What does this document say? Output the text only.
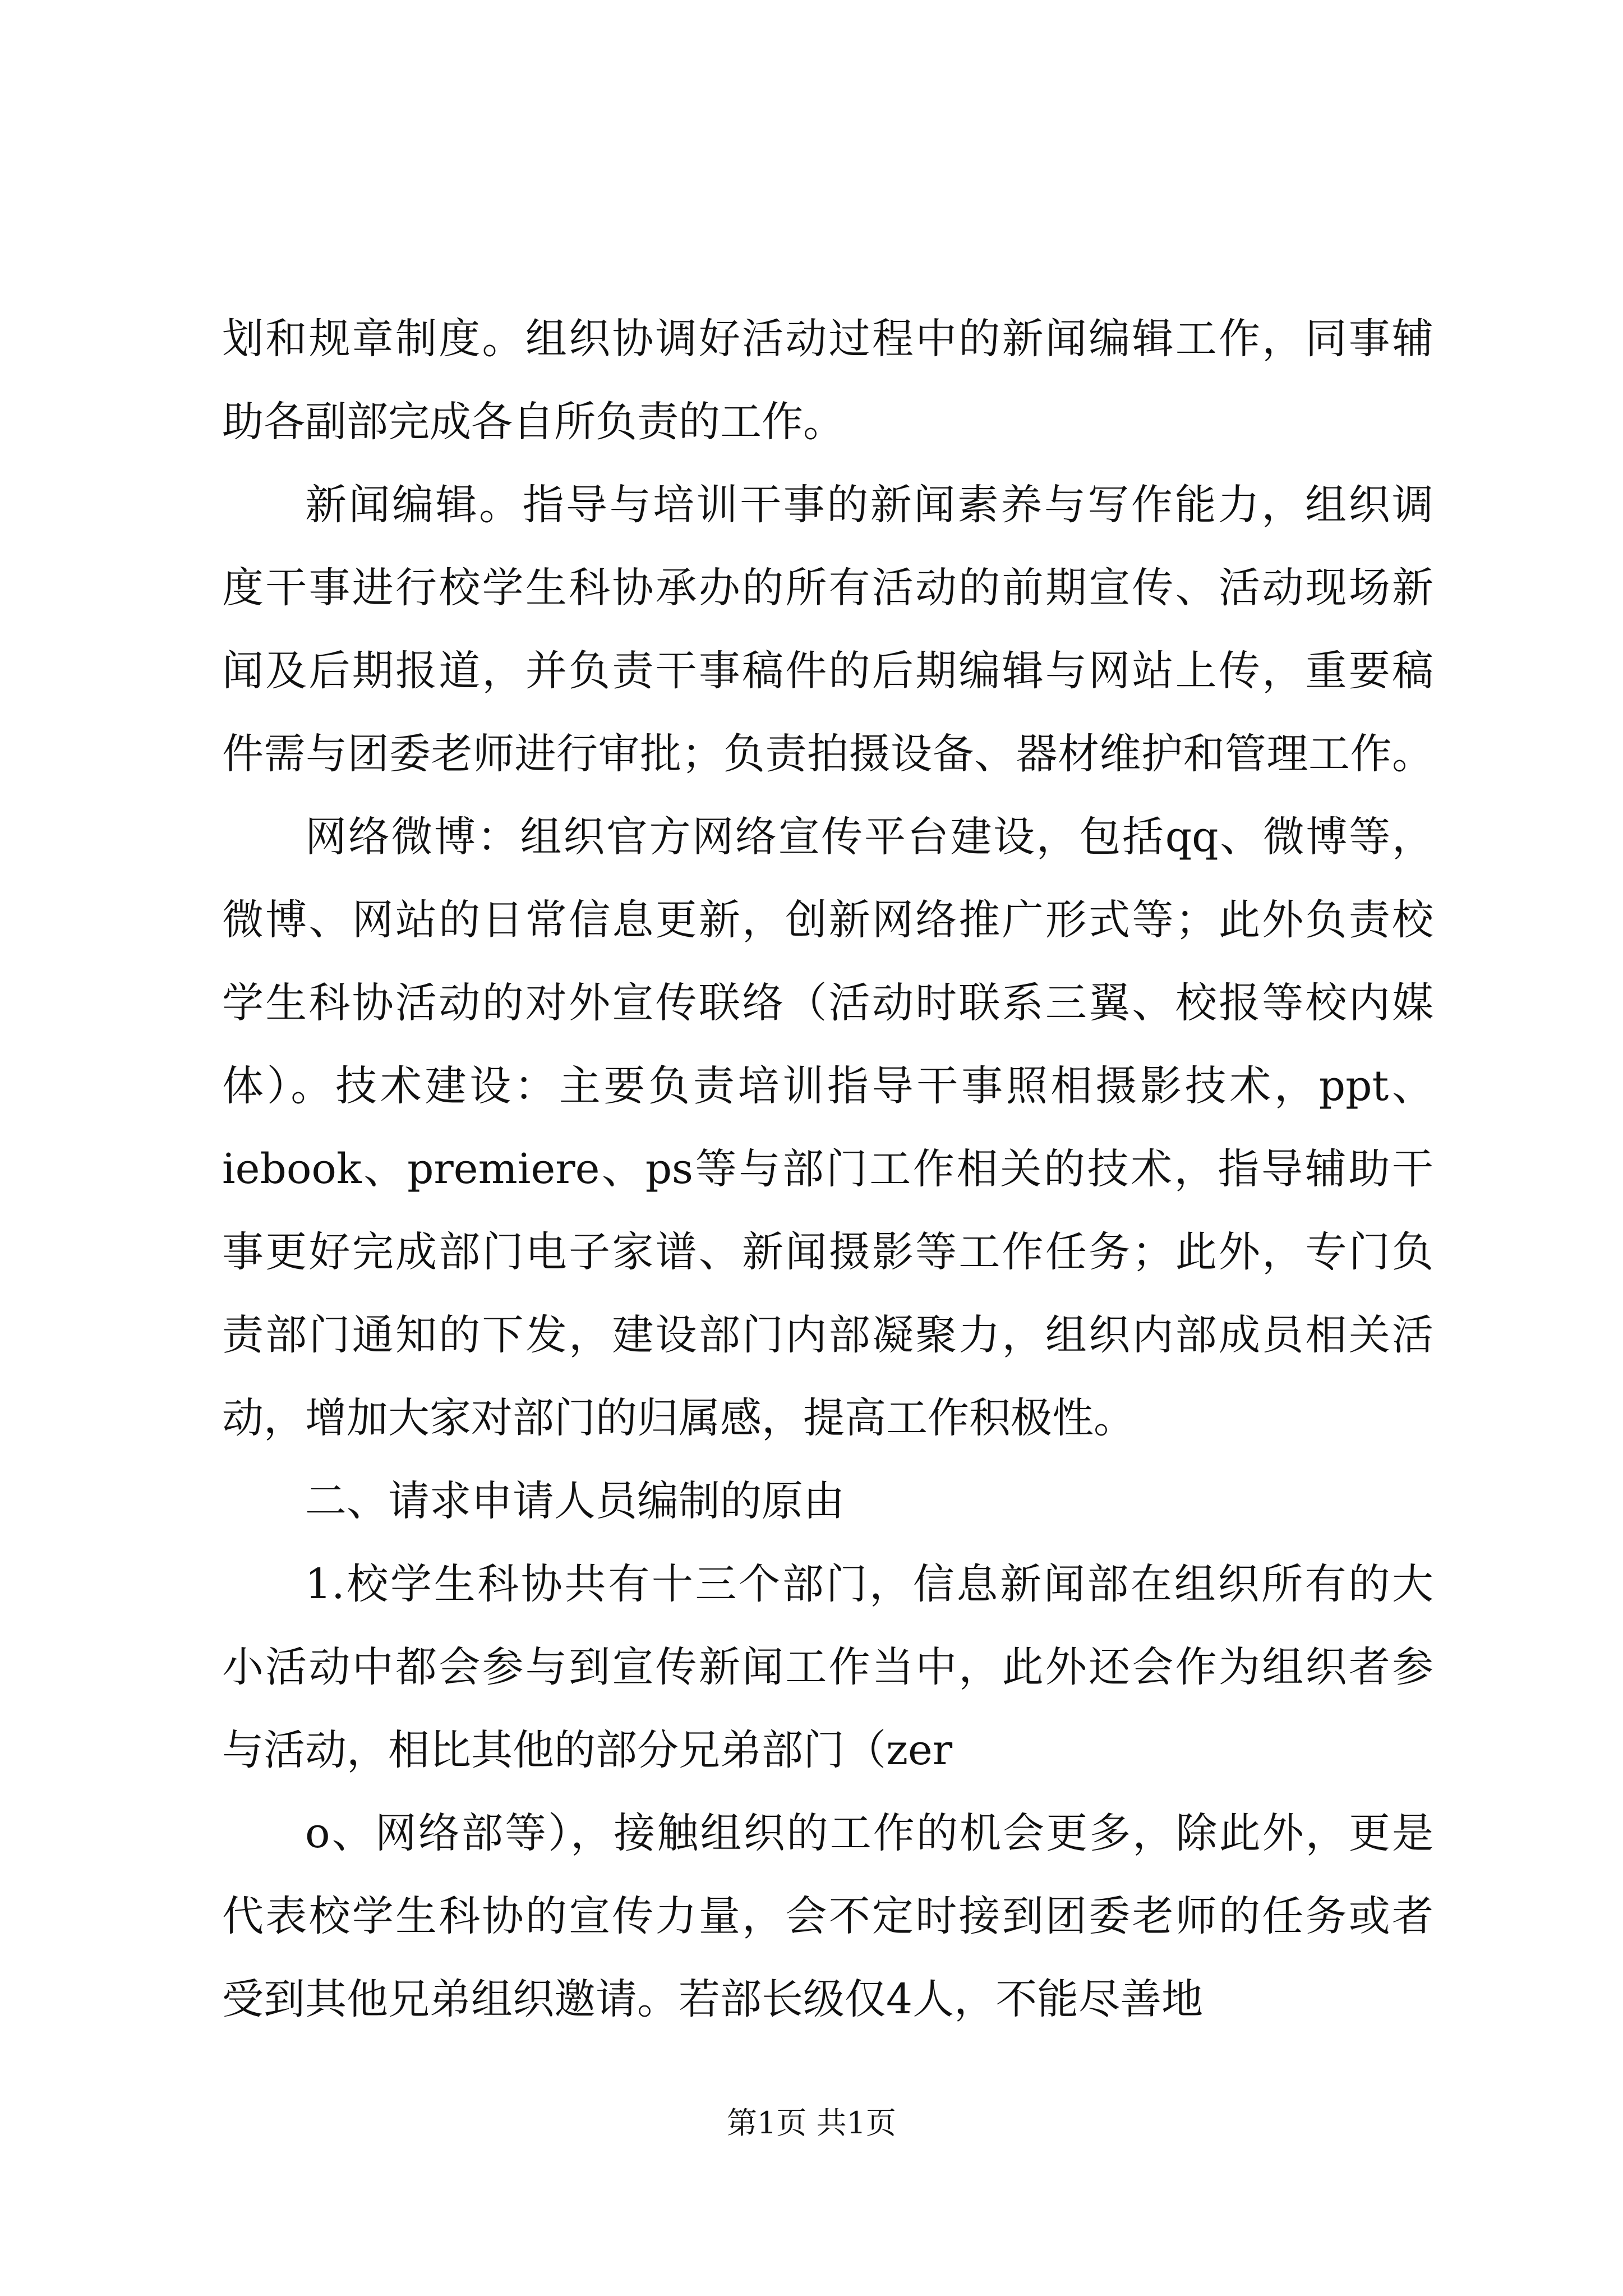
划和规章制度。组织协调好活动过程中的新闻编辑工作，同事辅
助各副部完成各自所负责的工作。
新闻编辑。指导与培训干事的新闻素养与写作能力，组织调
度干事进行校学生科协承办的所有活动的前期宣传、活动现场新
闻及后期报道，并负责干事稿件的后期编辑与网站上传，重要稿
件需与团委老师进行审批；负责拍摄设备、器材维护和管理工作。
网络微博：组织官方网络宣传平台建设，包括qq、微博等，
微博、网站的日常信息更新，创新网络推广形式等；此外负责校
学生科协活动的对外宣传联络（活动时联系三翼、校报等校内媒
体）。技术建设：主要负责培训指导干事照相摄影技术，ppt、
iebook、premiere、ps等与部门工作相关的技术，指导辅助干
事更好完成部门电子家谱、新闻摄影等工作任务；此外，专门负
责部门通知的下发，建设部门内部凝聚力，组织内部成员相关活
动，增加大家对部门的归属感，提高工作积极性。
二、请求申请人员编制的原由
1.校学生科协共有十三个部门，信息新闻部在组织所有的大
小活动中都会参与到宣传新闻工作当中，此外还会作为组织者参
与活动，相比其他的部分兄弟部门（zer
o、网络部等），接触组织的工作的机会更多，除此外，更是
代表校学生科协的宣传力量，会不定时接到团委老师的任务或者
受到其他兄弟组织邀请。若部长级仅4人，不能尽善地
第1页 共1页
